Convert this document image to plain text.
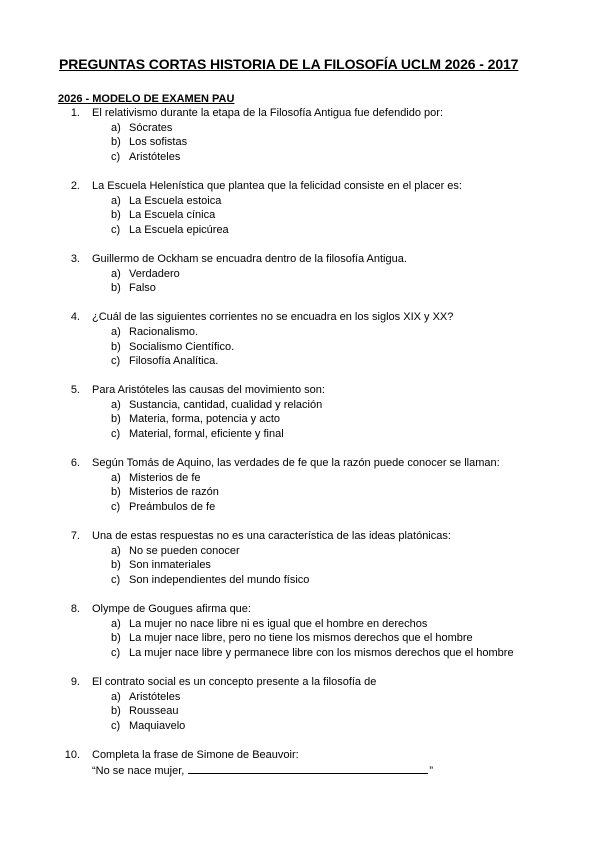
PREGUNTAS CORTAS HISTORIA DE LA FILOSOFÍA UCLM 2026 - 2017
2026 - MODELO DE EXAMEN PAU
1. El relativismo durante la etapa de la Filosofía Antigua fue defendido por:
a) Sócrates
b) Los sofistas
c) Aristóteles
2. La Escuela Helenística que plantea que la felicidad consiste en el placer es:
a) La Escuela estoica
b) La Escuela cínica
c) La Escuela epicúrea
3. Guillermo de Ockham se encuadra dentro de la filosofía Antigua.
a) Verdadero
b) Falso
4. ¿Cuál de las siguientes corrientes no se encuadra en los siglos XIX y XX?
a) Racionalismo.
b) Socialismo Científico.
c) Filosofía Analítica.
5. Para Aristóteles las causas del movimiento son:
a) Sustancia, cantidad, cualidad y relación
b) Materia, forma, potencia y acto
c) Material, formal, eficiente y final
6. Según Tomás de Aquino, las verdades de fe que la razón puede conocer se llaman:
a) Misterios de fe
b) Misterios de razón
c) Preámbulos de fe
7. Una de estas respuestas no es una característica de las ideas platónicas:
a) No se pueden conocer
b) Son inmateriales
c) Son independientes del mundo físico
8. Olympe de Gougues afirma que:
a) La mujer no nace libre ni es igual que el hombre en derechos
b) La mujer nace libre, pero no tiene los mismos derechos que el hombre
c) La mujer nace libre y permanece libre con los mismos derechos que el hombre
9. El contrato social es un concepto presente a la filosofía de
a) Aristóteles
b) Rousseau
c) Maquiavelo
10. Completa la frase de Simone de Beauvoir:
“No se nace mujer,	”
